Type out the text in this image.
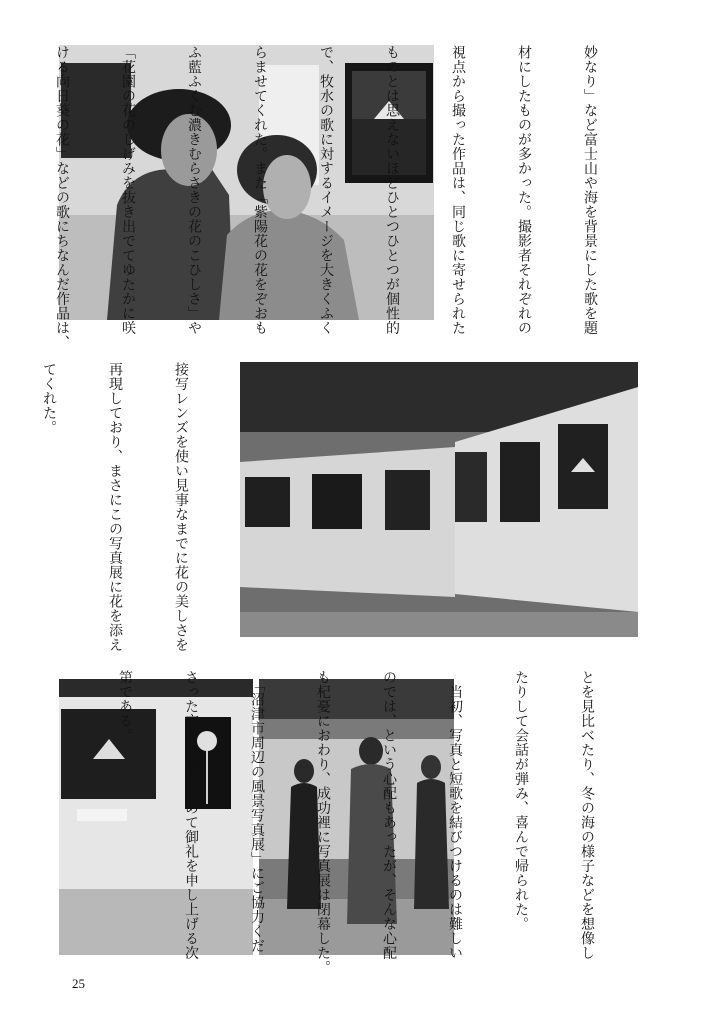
妙なり」など富士山や海を背景にした歌を題

材にしたものが多かった。撮影者それぞれの

視点から撮った作品は、同じ歌に寄せられた

ものとは思えないほどひとつひとつが個性的

で、牧水の歌に対するイメージを大きくふく

らませてくれた。また「紫陽花の花をぞおも

ふ藍ふくむ濃きむらさきの花のこひしさ」や

「花園の花のしげみを抜き出でてゆたかに咲

ける向日葵の花」などの歌にちなんだ作品は、

接写レンズを使い見事なまでに花の美しさを

再現しており、まさにこの写真展に花を添え

てくれた。

とを見比べたり、冬の海の様子などを想像し

たりして会話が弾み、喜んで帰られた。

　当初、写真と短歌を結びつけるのは難しい

のでは、という心配もあったが、そんな心配

も杞憂におわり、成功裡に写真展は閉幕した。

　「沼津市周辺の風景写真展」にご協力くだ

さった方々にあらためて御礼を申し上げる次

第である。

25
